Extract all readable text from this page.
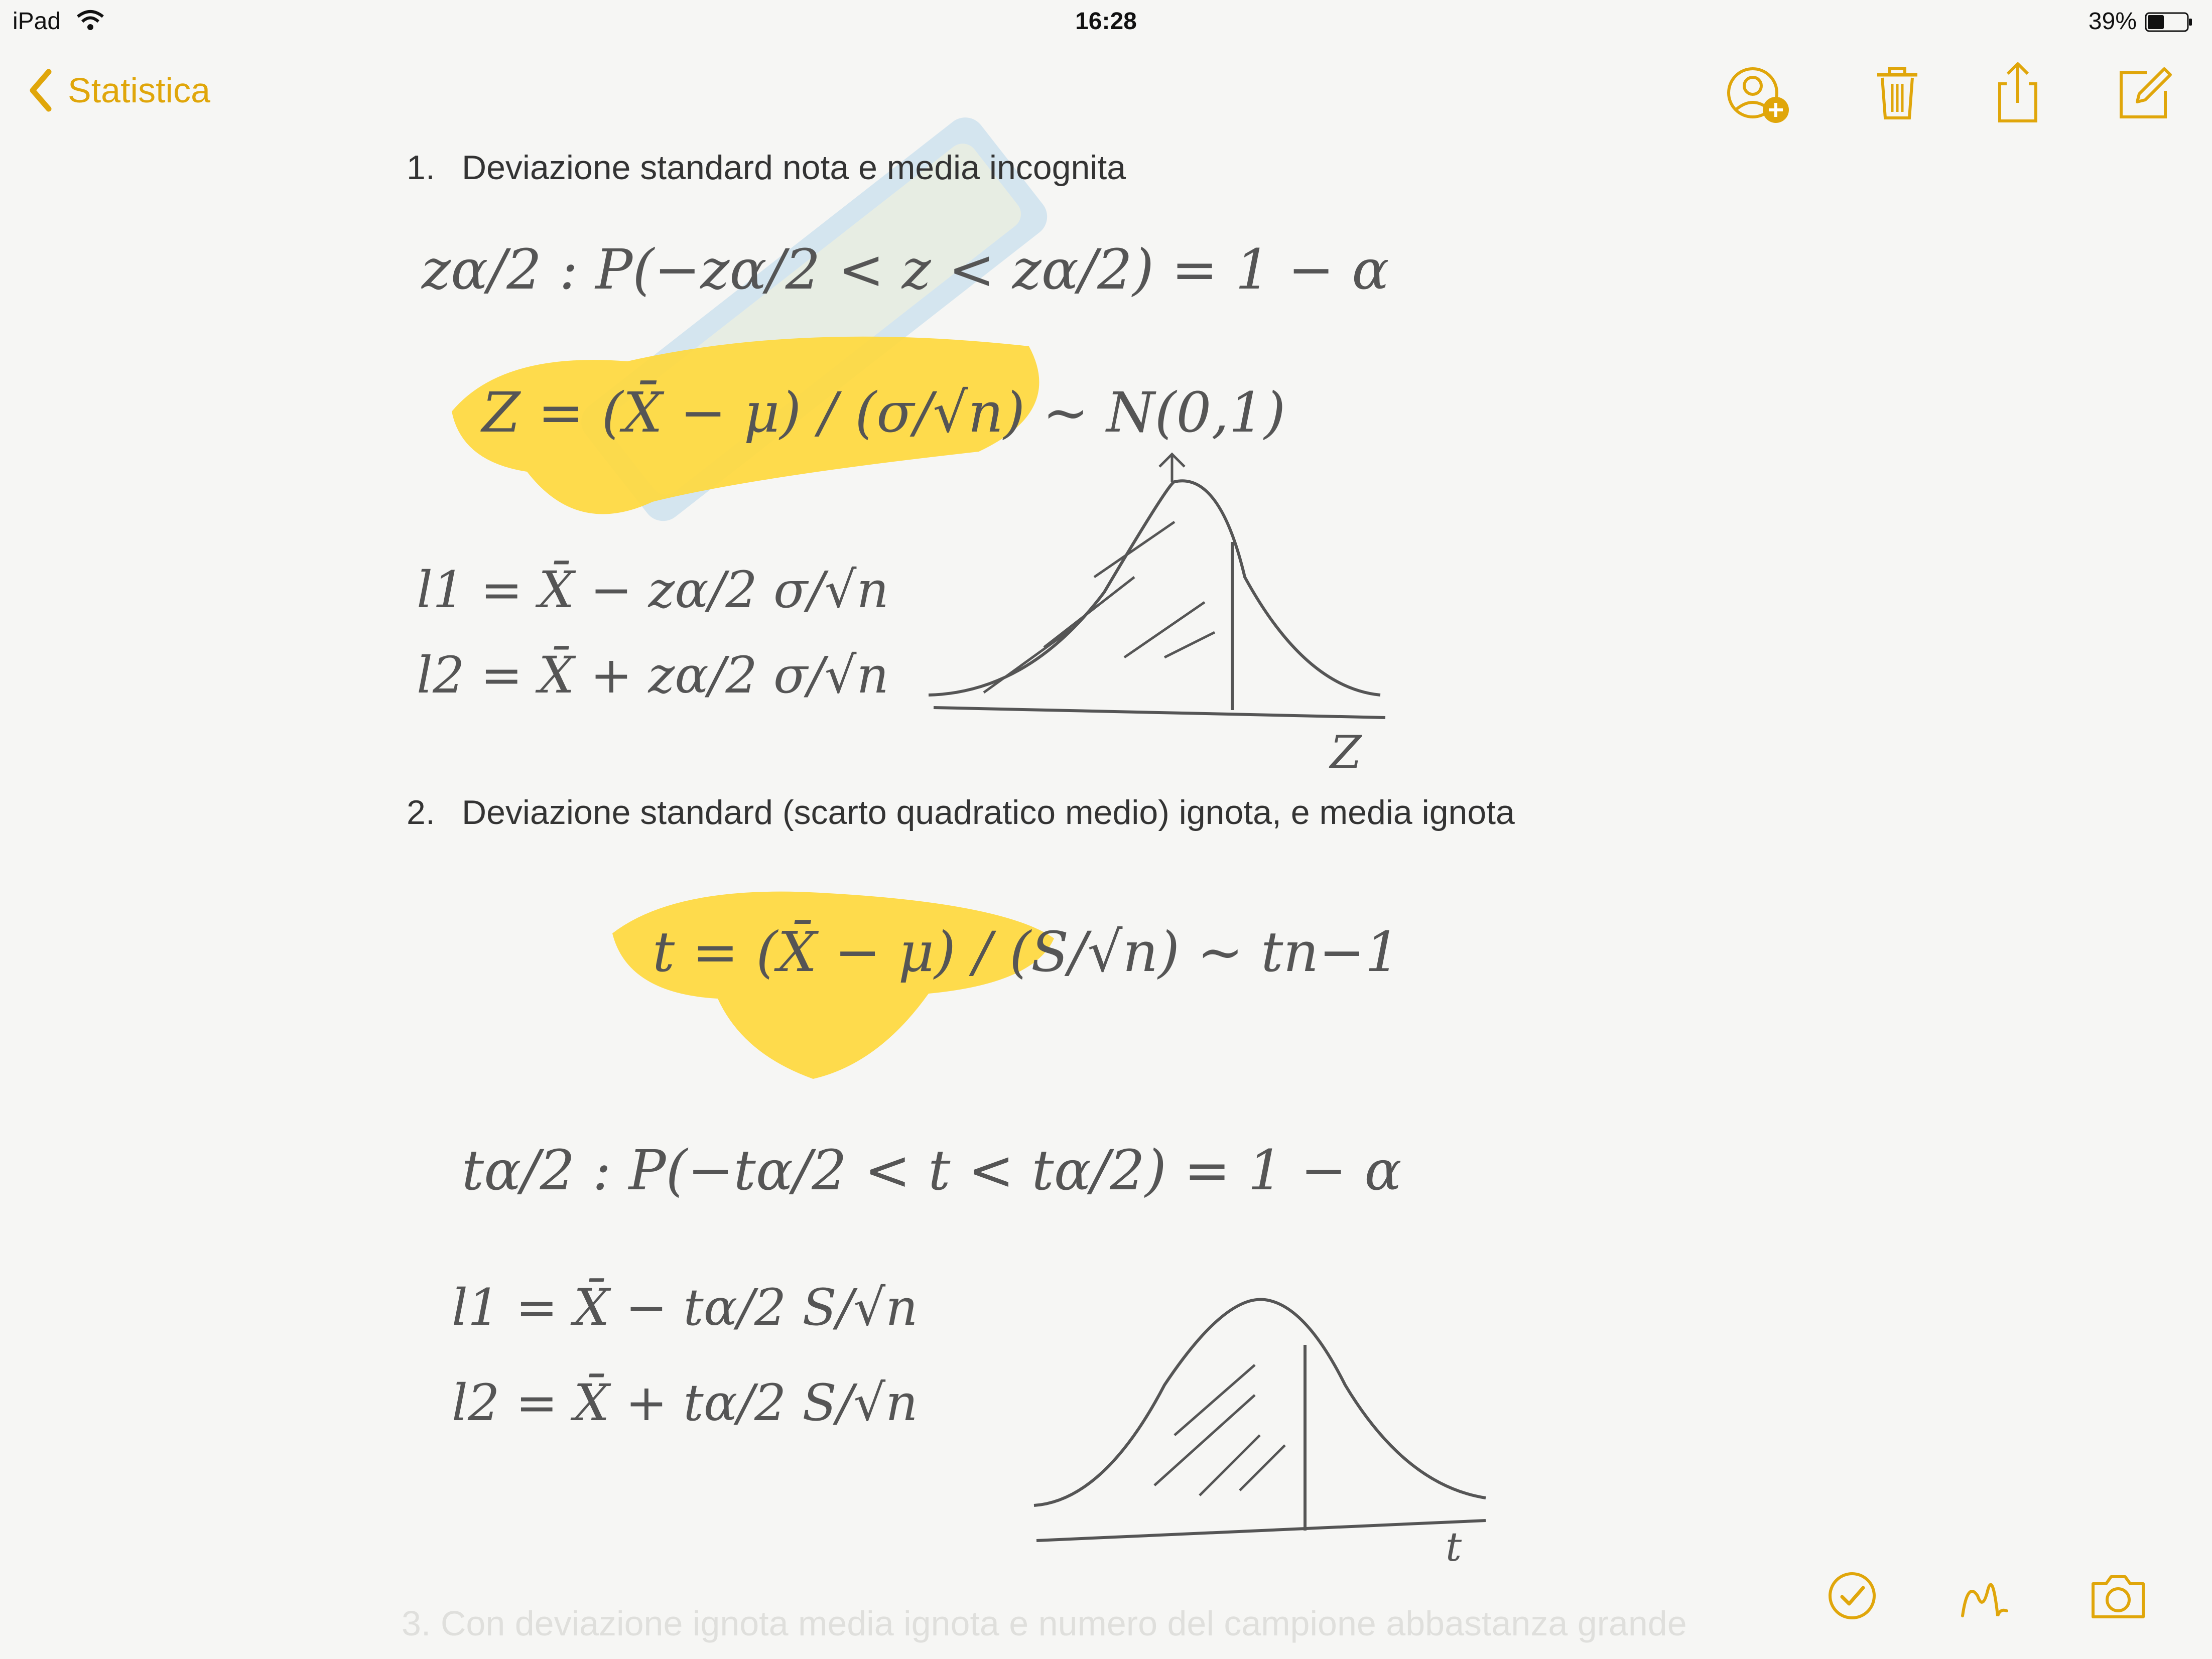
iPad	16:28	39%
Statistica
1. Deviazione standard nota e media incognita
2. Deviazione standard (scarto quadratico medio) ignota, e media ignota
zα/2 : P(−zα/2 < z < zα/2) = 1 − α
Z = (X̄ − μ) / (σ/√n) ~ N(0,1)
l1 = X̄ − zα/2 σ/√n
l2 = X̄ + zα/2 σ/√n
Z
t = (X̄ − μ) / (S/√n) ~ tn−1
tα/2 : P(−tα/2 < t < tα/2) = 1 − α
l1 = X̄ − tα/2 S/√n
l2 = X̄ + tα/2 S/√n
t
3. Con deviazione ignota media ignota e numero del campione abbastanza grande
